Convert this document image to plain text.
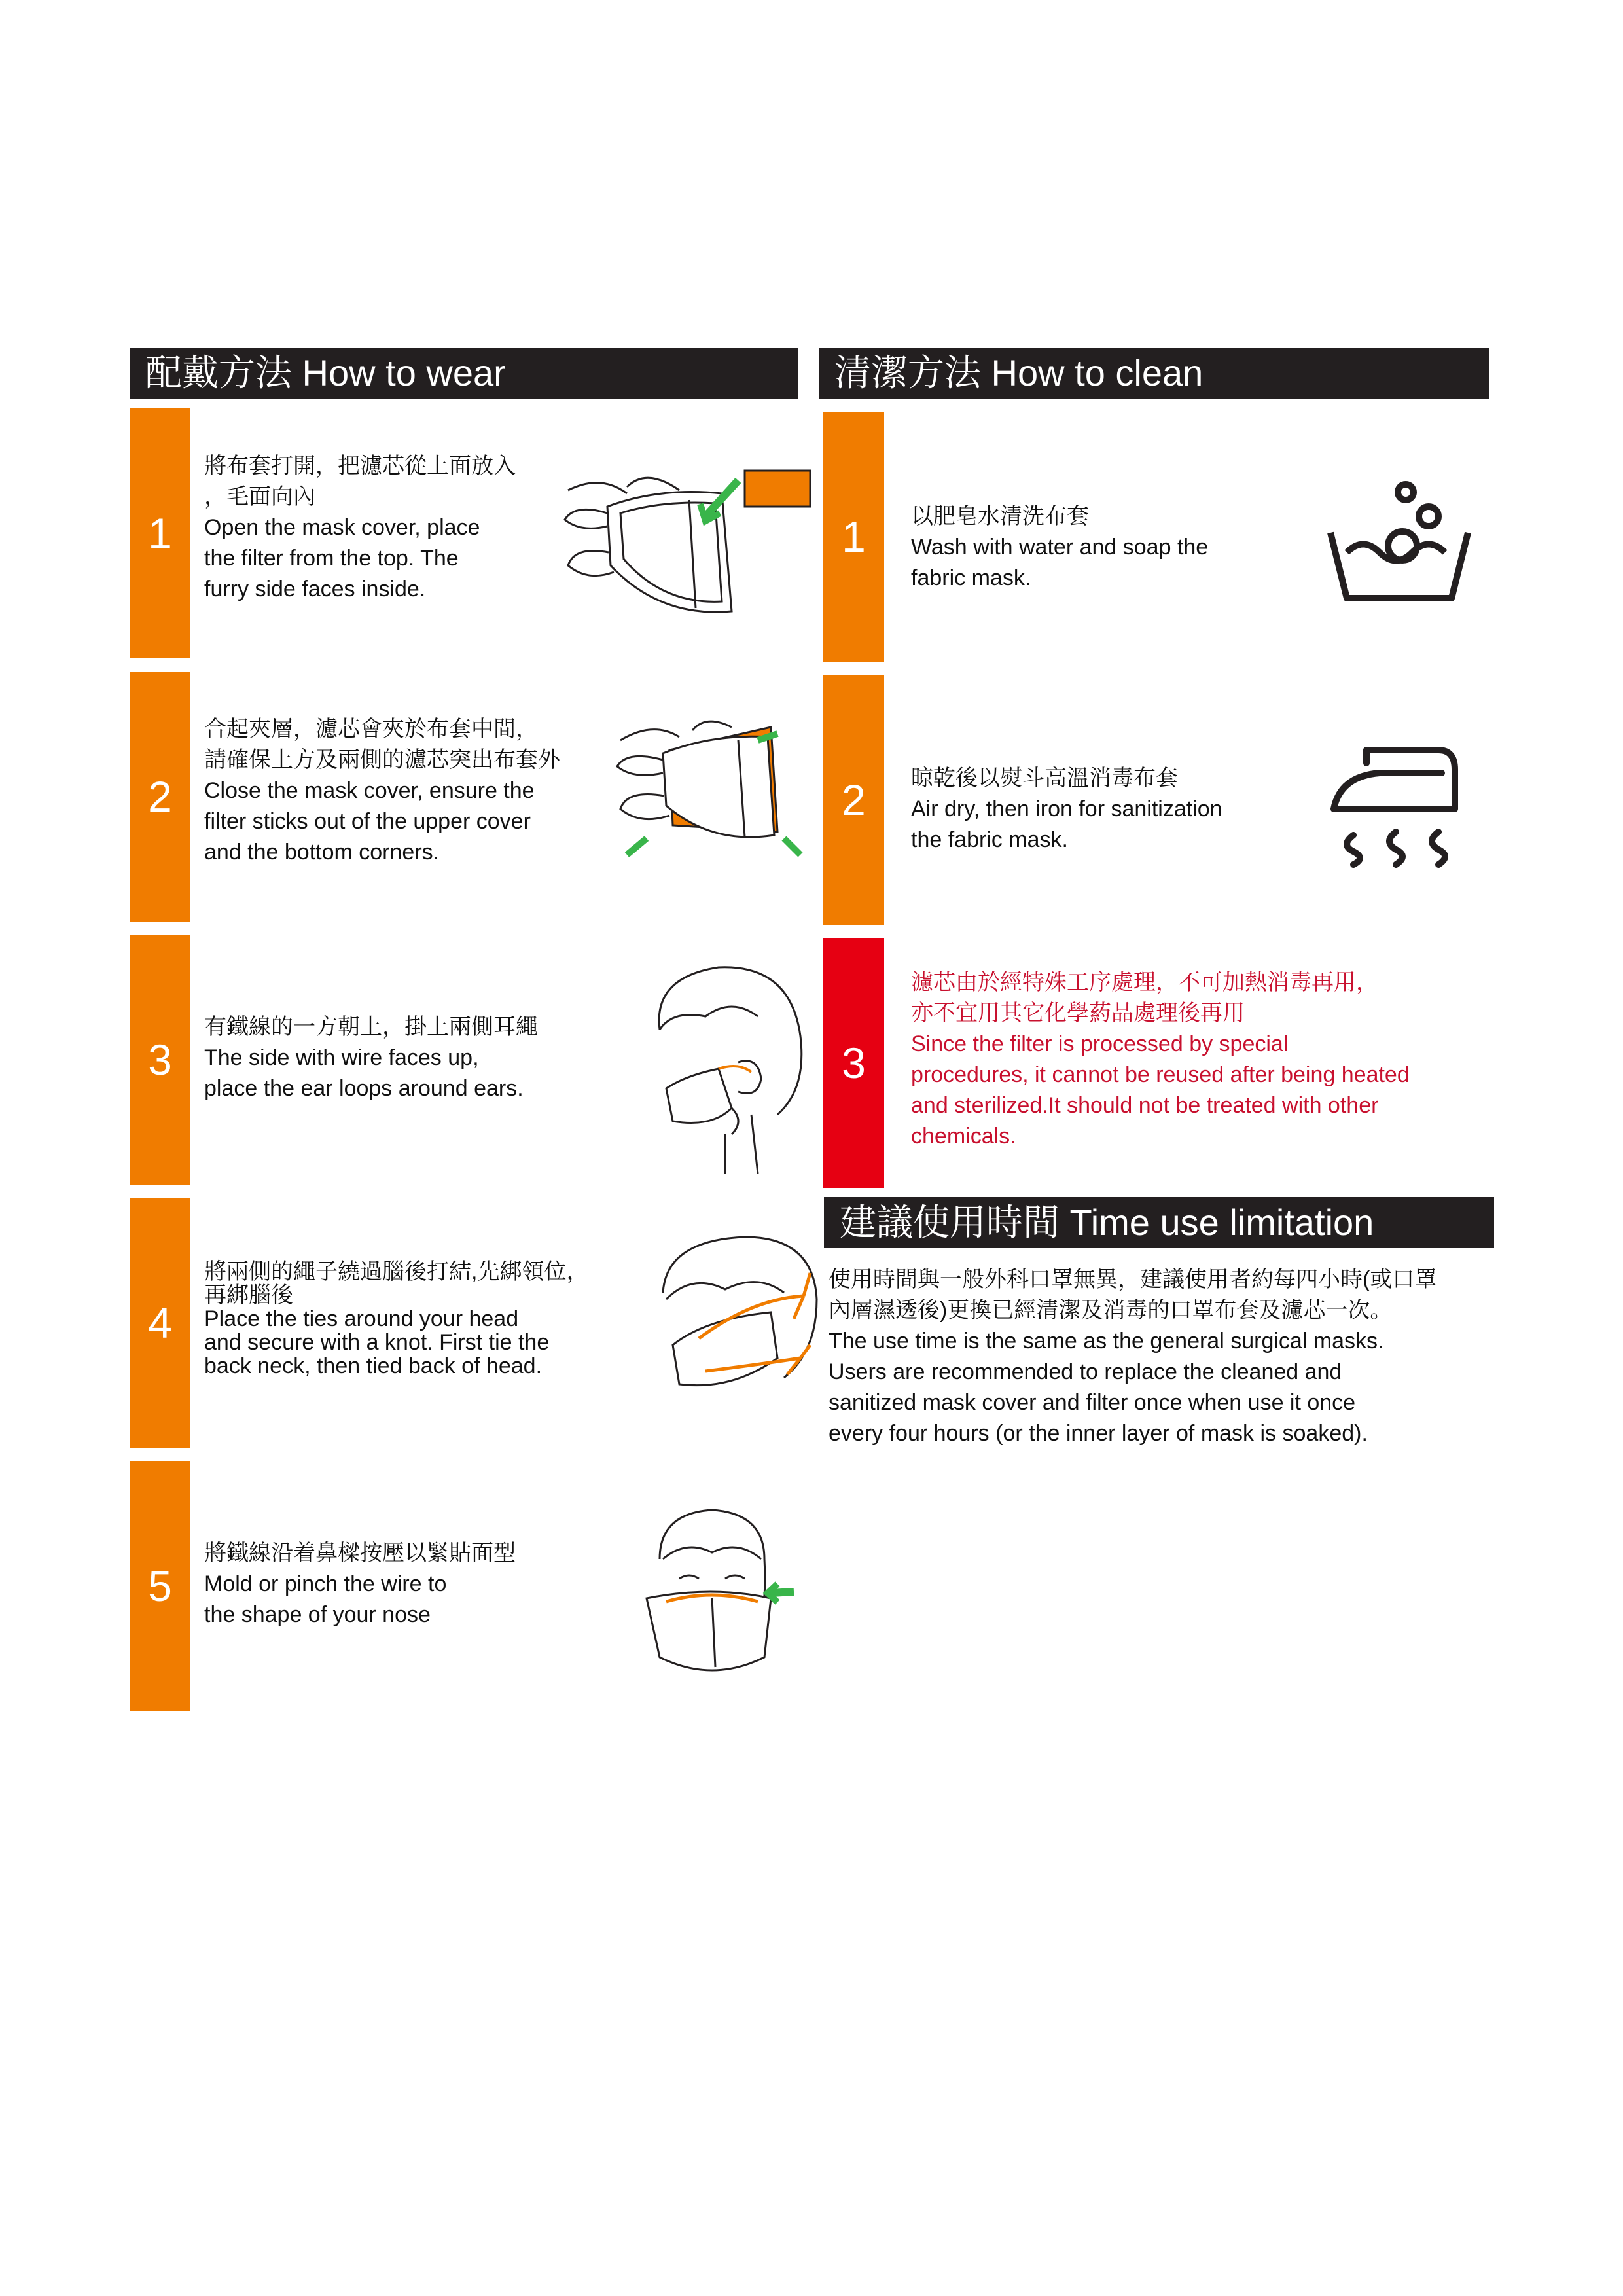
配戴方法 How to wear	清潔方法 How to clean
建議使用時間 Time use limitation
1
將布套打開，把濾芯從上面放入
，毛面向內
Open the mask cover, place
the filter from the top. The
furry side faces inside.
2
合起夾層，濾芯會夾於布套中間，
請確保上方及兩側的濾芯突出布套外
Close the mask cover, ensure the
filter sticks out of the upper cover
and the bottom corners.
3
有鐵線的一方朝上，掛上兩側耳繩
The side with wire faces up,
place the ear loops around ears.
4
將兩側的繩子繞過腦後打結,先綁領位，
再綁腦後
Place the ties around your head
and secure with a knot. First tie the
back neck, then tied back of head.
5
將鐵線沿着鼻樑按壓以緊貼面型
Mold or pinch the wire to
the shape of your nose
1	以肥皂水清洗布套
Wash with water and soap the
fabric mask.
2	晾乾後以熨斗高溫消毒布套
Air dry, then iron for sanitization
the fabric mask.
3
濾芯由於經特殊工序處理，不可加熱消毒再用，
亦不宜用其它化學葯品處理後再用
Since the filter is processed by special
procedures, it cannot be reused after being heated
and sterilized.It should not be treated with other
chemicals.
使用時間與一般外科口罩無異，建議使用者約每四小時(或口罩
內層濕透後)更換已經清潔及消毒的口罩布套及濾芯一次。
The use time is the same as the general surgical masks.
Users are recommended to replace the cleaned and
sanitized mask cover and filter once when use it once
every four hours (or the inner layer of mask is soaked).
